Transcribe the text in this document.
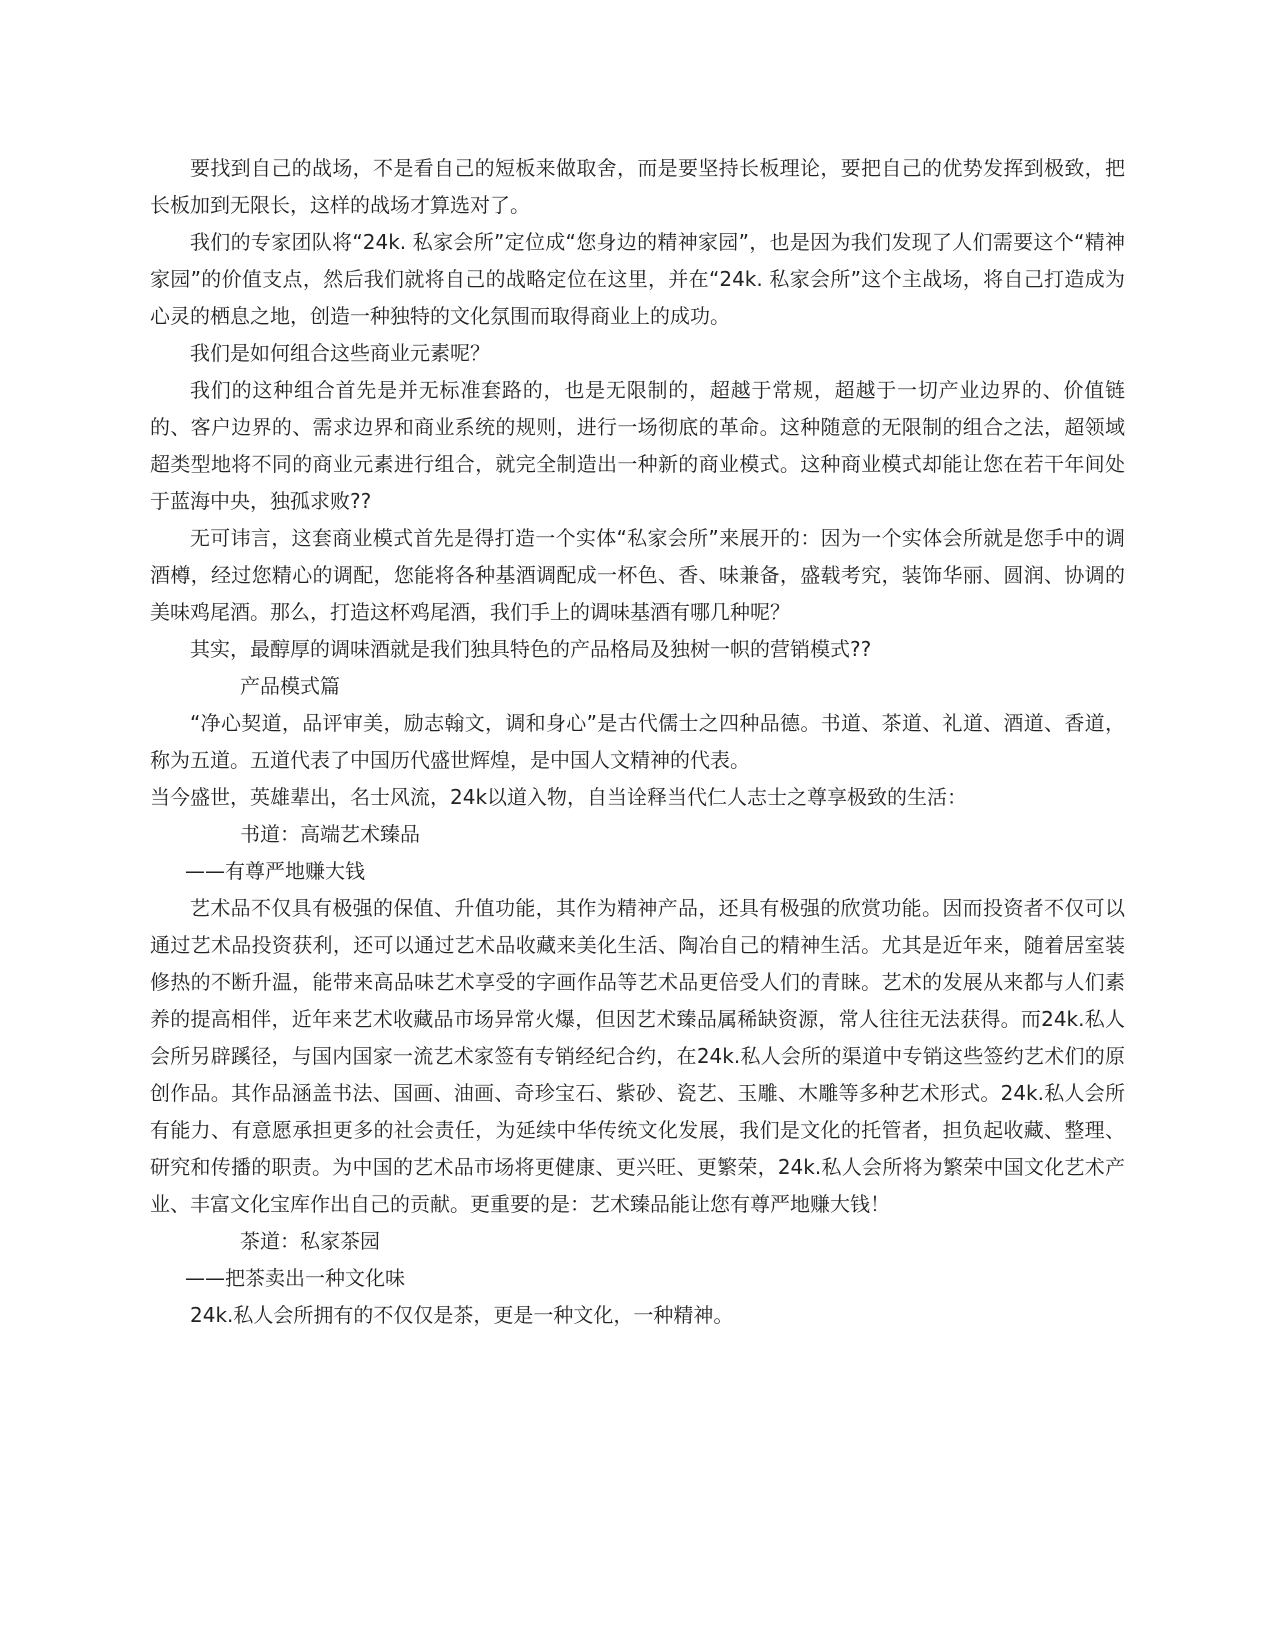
要找到自己的战场，不是看自己的短板来做取舍，而是要坚持长板理论，要把自己的优势发挥到极致，把长板加到无限长，这样的战场才算选对了。

我们的专家团队将“24k. 私家会所”定位成“您身边的精神家园”，也是因为我们发现了人们需要这个“精神家园”的价值支点，然后我们就将自己的战略定位在这里，并在“24k. 私家会所”这个主战场，将自己打造成为心灵的栖息之地，创造一种独特的文化氛围而取得商业上的成功。

我们是如何组合这些商业元素呢？

我们的这种组合首先是并无标准套路的，也是无限制的，超越于常规，超越于一切产业边界的、价值链的、客户边界的、需求边界和商业系统的规则，进行一场彻底的革命。这种随意的无限制的组合之法，超领域超类型地将不同的商业元素进行组合，就完全制造出一种新的商业模式。这种商业模式却能让您在若干年间处于蓝海中央，独孤求败??

无可讳言，这套商业模式首先是得打造一个实体“私家会所”来展开的：因为一个实体会所就是您手中的调酒樽，经过您精心的调配，您能将各种基酒调配成一杯色、香、味兼备，盛载考究，装饰华丽、圆润、协调的美味鸡尾酒。那么，打造这杯鸡尾酒，我们手上的调味基酒有哪几种呢？

其实，最醇厚的调味酒就是我们独具特色的产品格局及独树一帜的营销模式??

产品模式篇

“净心契道，品评审美，励志翰文，调和身心”是古代儒士之四种品德。书道、茶道、礼道、酒道、香道，称为五道。五道代表了中国历代盛世辉煌，是中国人文精神的代表。

当今盛世，英雄辈出，名士风流，24k以道入物，自当诠释当代仁人志士之尊享极致的生活：

书道：高端艺术臻品

——有尊严地赚大钱

艺术品不仅具有极强的保值、升值功能，其作为精神产品，还具有极强的欣赏功能。因而投资者不仅可以通过艺术品投资获利，还可以通过艺术品收藏来美化生活、陶冶自己的精神生活。尤其是近年来，随着居室装修热的不断升温，能带来高品味艺术享受的字画作品等艺术品更倍受人们的青睐。艺术的发展从来都与人们素养的提高相伴，近年来艺术收藏品市场异常火爆，但因艺术臻品属稀缺资源，常人往往无法获得。而24k.私人会所另辟蹊径，与国内国家一流艺术家签有专销经纪合约，在24k.私人会所的渠道中专销这些签约艺术们的原创作品。其作品涵盖书法、国画、油画、奇珍宝石、紫砂、瓷艺、玉雕、木雕等多种艺术形式。24k.私人会所有能力、有意愿承担更多的社会责任，为延续中华传统文化发展，我们是文化的托管者，担负起收藏、整理、研究和传播的职责。为中国的艺术品市场将更健康、更兴旺、更繁荣，24k.私人会所将为繁荣中国文化艺术产业、丰富文化宝库作出自己的贡献。更重要的是：艺术臻品能让您有尊严地赚大钱！

茶道：私家茶园

——把茶卖出一种文化味

24k.私人会所拥有的不仅仅是茶，更是一种文化，一种精神。
